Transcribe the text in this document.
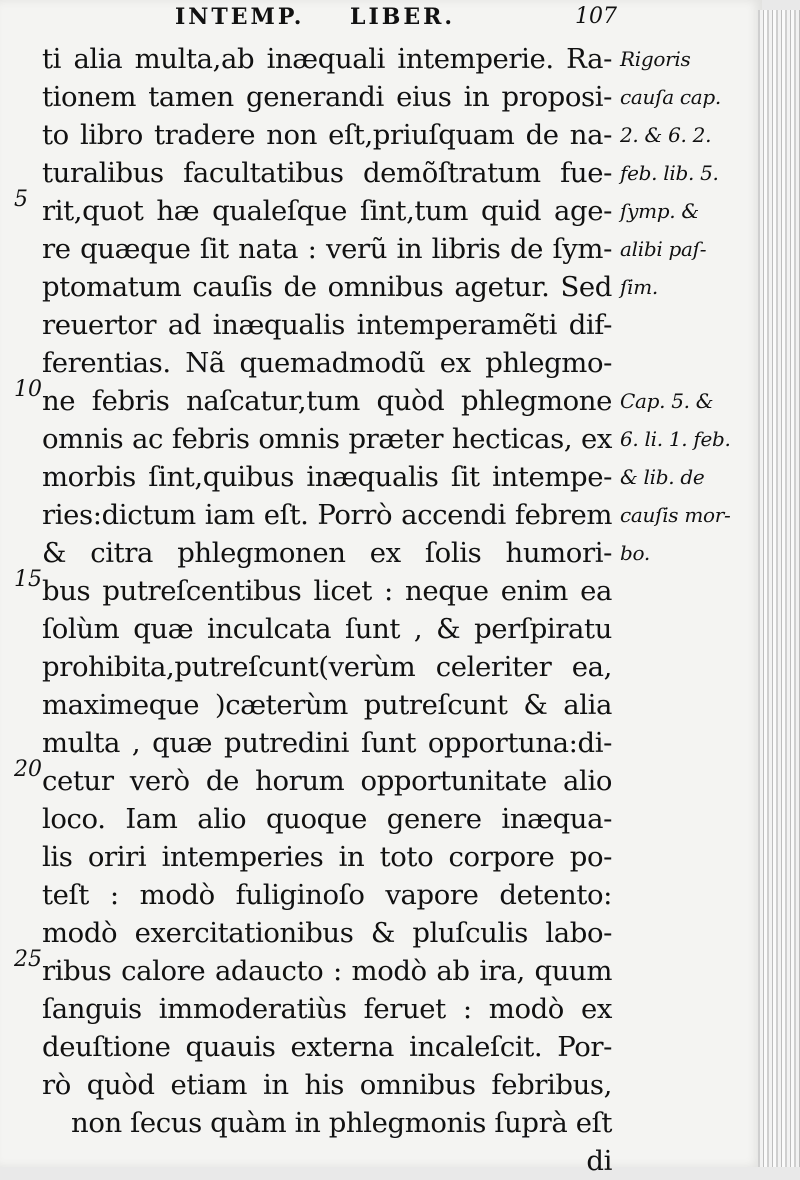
INTEMP. LIBER.	107
ti alia multa,ab inæquali intemperie. Ra-
tionem tamen generandi eius in proposi-
to libro tradere non eſt,priuſquam de na-
turalibus facultatibus demõſtratum fue-
rit,quot hæ qualeſque ſint,tum quid age-
re quæque ſit nata : verũ in libris de ſym-
ptomatum cauſis de omnibus agetur. Sed
reuertor ad inæqualis intemperamẽti dif-
ferentias. Nã quemadmodũ ex phlegmo-
ne febris naſcatur,tum quòd phlegmone
omnis ac febris omnis præter hecticas, ex
morbis ſint,quibus inæqualis ſit intempe-
ries:dictum iam eſt. Porrò accendi febrem
& citra phlegmonen ex ſolis humori-
bus putreſcentibus licet : neque enim ea
ſolùm quæ inculcata ſunt , & perſpiratu
prohibita,putreſcunt(verùm celeriter ea,
maximeque )cæterùm putreſcunt & alia
multa , quæ putredini ſunt opportuna:di-
cetur verò de horum opportunitate alio
loco. Iam alio quoque genere inæqua-
lis oriri intemperies in toto corpore po-
teſt : modò fuliginoſo vapore detento:
modò exercitationibus & pluſculis labo-
ribus calore adaucto : modò ab ira, quum
ſanguis immoderatiùs feruet : modò ex
deuſtione quauis externa incaleſcit. Por-
rò quòd etiam in his omnibus febribus,
non ſecus quàm in phlegmonis ſuprà eſt
di
5
10
15
20
25
Rigoris
cauſa cap.
2. & 6. 2.
feb. lib. 5.
ſymp. &
alibi paſ-
ſim.
Cap. 5. &
6. li. 1. feb.
& lib. de
cauſis mor-
bo.
